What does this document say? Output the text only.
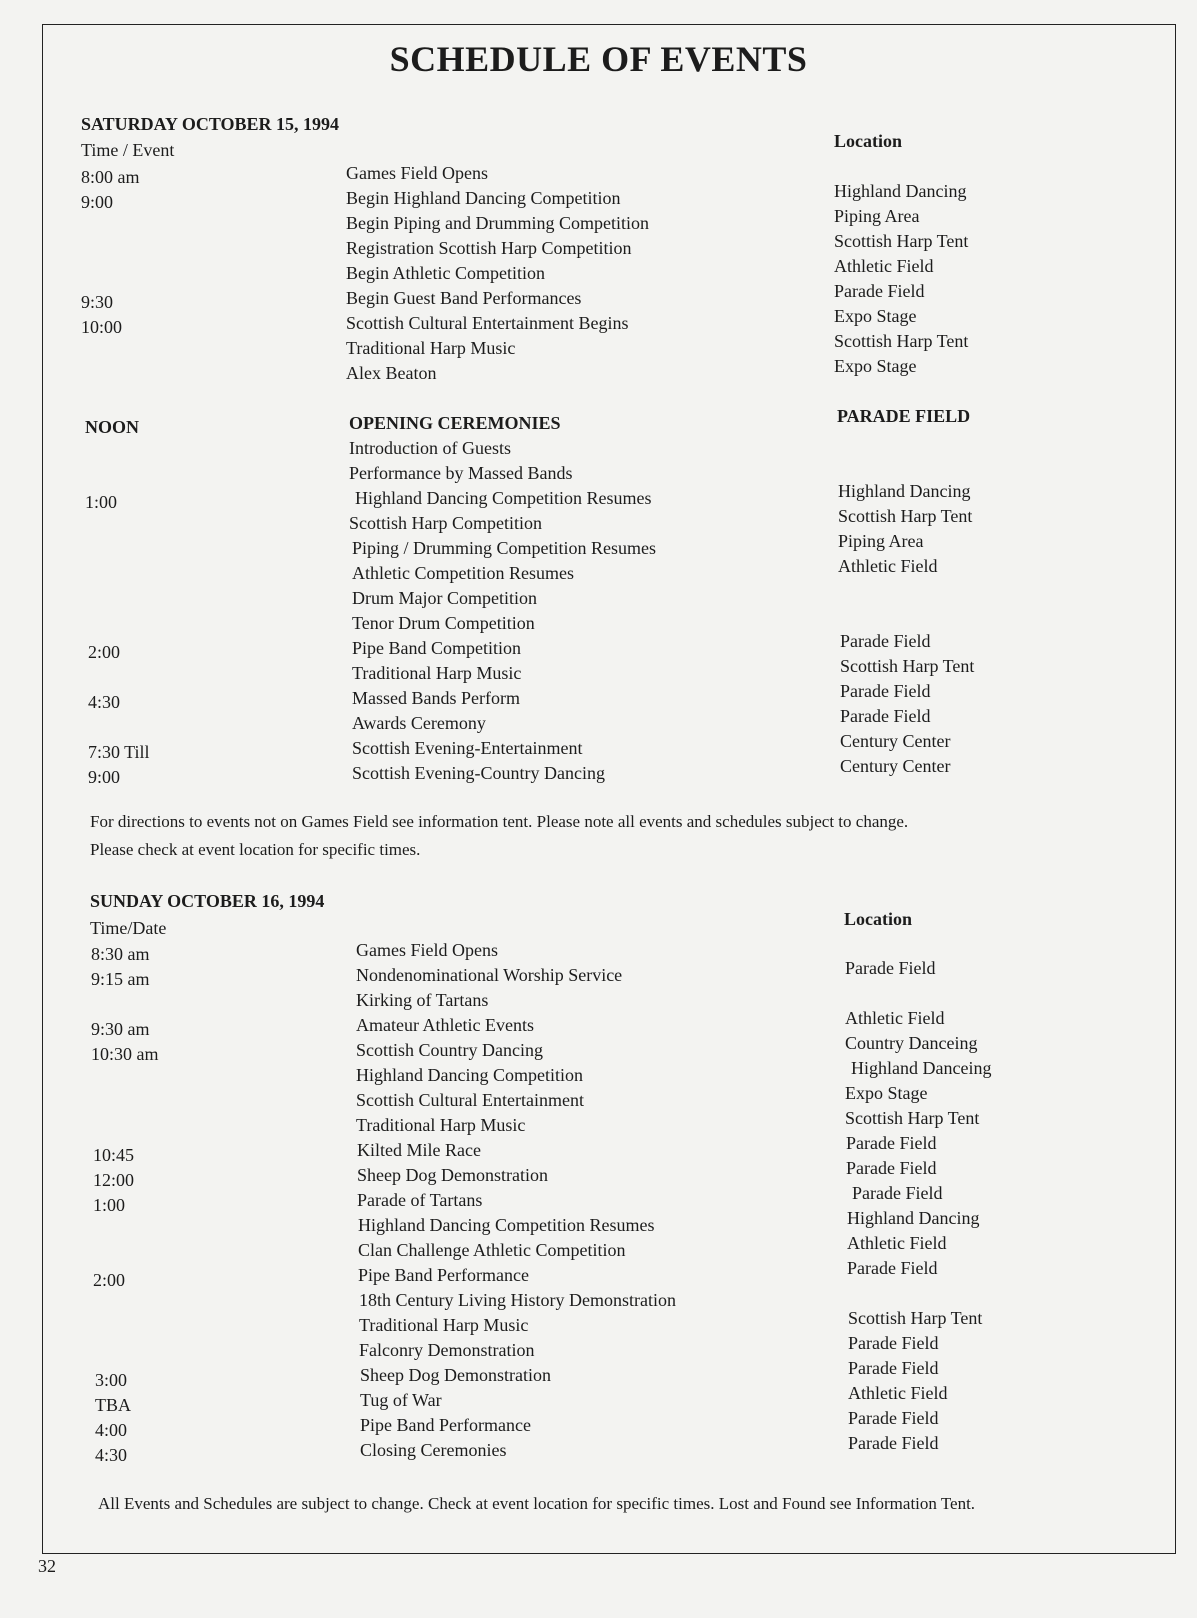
SCHEDULE OF EVENTS
SATURDAY OCTOBER 15, 1994
Time / Event	Location
8:00 am
9:00
9:30
10:00
NOON
1:00
2:00
4:30
7:30 Till
9:00
Games Field Opens
Begin Highland Dancing Competition
Begin Piping and Drumming Competition
Registration Scottish Harp Competition
Begin Athletic Competition
Begin Guest Band Performances
Scottish Cultural Entertainment Begins
Traditional Harp Music
Alex Beaton
OPENING CEREMONIES
Introduction of Guests
Performance by Massed Bands
Highland Dancing Competition Resumes
Scottish Harp Competition
Piping / Drumming Competition Resumes
Athletic Competition Resumes
Drum Major Competition
Tenor Drum Competition
Pipe Band Competition
Traditional Harp Music
Massed Bands Perform
Awards Ceremony
Scottish Evening-Entertainment
Scottish Evening-Country Dancing
Highland Dancing
Piping Area
Scottish Harp Tent
Athletic Field
Parade Field
Expo Stage
Scottish Harp Tent
Expo Stage
PARADE FIELD
Highland Dancing
Scottish Harp Tent
Piping Area
Athletic Field
Parade Field
Scottish Harp Tent
Parade Field
Parade Field
Century Center
Century Center
For directions to events not on Games Field see information tent. Please note all events and schedules subject to change.
Please check at event location for specific times.
SUNDAY OCTOBER 16, 1994
Time/Date	Location
8:30 am
9:15 am
9:30 am
10:30 am
10:45
12:00
1:00
2:00
3:00
TBA
4:00
4:30
Games Field Opens
Nondenominational Worship Service
Kirking of Tartans
Amateur Athletic Events
Scottish Country Dancing
Highland Dancing Competition
Scottish Cultural Entertainment
Traditional Harp Music
Kilted Mile Race
Sheep Dog Demonstration
Parade of Tartans
Highland Dancing Competition Resumes
Clan Challenge Athletic Competition
Pipe Band Performance
18th Century Living History Demonstration
Traditional Harp Music
Falconry Demonstration
Sheep Dog Demonstration
Tug of War
Pipe Band Performance
Closing Ceremonies
Parade Field
Athletic Field
Country Danceing
Highland Danceing
Expo Stage
Scottish Harp Tent
Parade Field
Parade Field
Parade Field
Highland Dancing
Athletic Field
Parade Field
Scottish Harp Tent
Parade Field
Parade Field
Athletic Field
Parade Field
Parade Field
All Events and Schedules are subject to change. Check at event location for specific times. Lost and Found see Information Tent.
32
